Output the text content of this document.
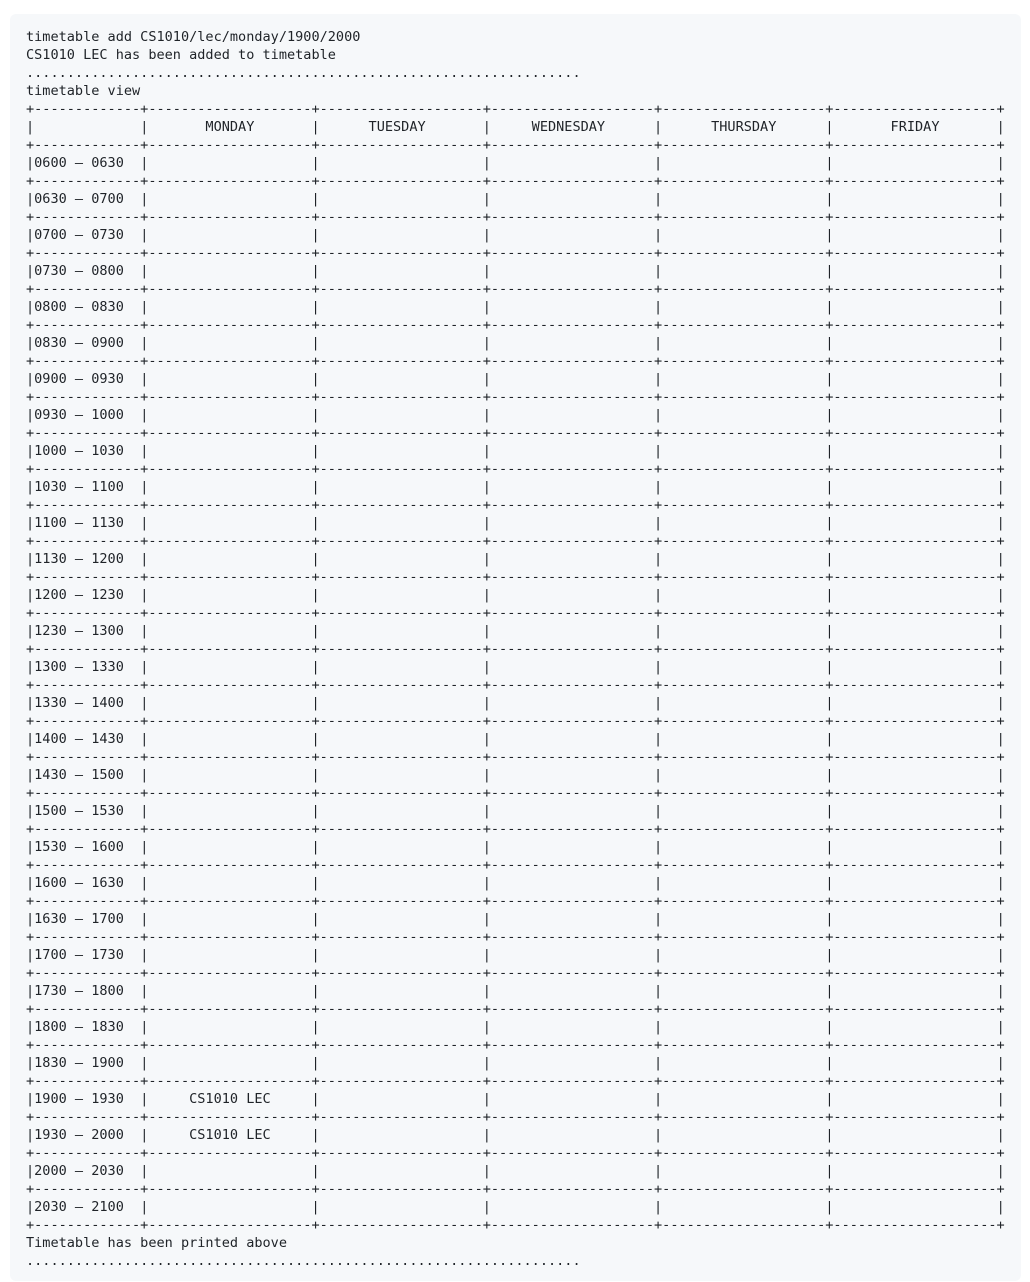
timetable add CS1010/lec/monday/1900/2000
CS1010 LEC has been added to timetable
....................................................................
timetable view
+-------------+--------------------+--------------------+--------------------+--------------------+--------------------+
|             |       MONDAY       |      TUESDAY       |     WEDNESDAY      |      THURSDAY      |       FRIDAY       |
+-------------+--------------------+--------------------+--------------------+--------------------+--------------------+
|0600 – 0630  |	|	|	|	|	|
+-------------+--------------------+--------------------+--------------------+--------------------+--------------------+
|0630 – 0700  |	|	|	|	|	|
+-------------+--------------------+--------------------+--------------------+--------------------+--------------------+
|0700 – 0730  |	|	|	|	|	|
+-------------+--------------------+--------------------+--------------------+--------------------+--------------------+
|0730 – 0800  |	|	|	|	|	|
+-------------+--------------------+--------------------+--------------------+--------------------+--------------------+
|0800 – 0830  |	|	|	|	|	|
+-------------+--------------------+--------------------+--------------------+--------------------+--------------------+
|0830 – 0900  |	|	|	|	|	|
+-------------+--------------------+--------------------+--------------------+--------------------+--------------------+
|0900 – 0930  |	|	|	|	|	|
+-------------+--------------------+--------------------+--------------------+--------------------+--------------------+
|0930 – 1000  |	|	|	|	|	|
+-------------+--------------------+--------------------+--------------------+--------------------+--------------------+
|1000 – 1030  |	|	|	|	|	|
+-------------+--------------------+--------------------+--------------------+--------------------+--------------------+
|1030 – 1100  |	|	|	|	|	|
+-------------+--------------------+--------------------+--------------------+--------------------+--------------------+
|1100 – 1130  |	|	|	|	|	|
+-------------+--------------------+--------------------+--------------------+--------------------+--------------------+
|1130 – 1200  |	|	|	|	|	|
+-------------+--------------------+--------------------+--------------------+--------------------+--------------------+
|1200 – 1230  |	|	|	|	|	|
+-------------+--------------------+--------------------+--------------------+--------------------+--------------------+
|1230 – 1300  |	|	|	|	|	|
+-------------+--------------------+--------------------+--------------------+--------------------+--------------------+
|1300 – 1330  |	|	|	|	|	|
+-------------+--------------------+--------------------+--------------------+--------------------+--------------------+
|1330 – 1400  |	|	|	|	|	|
+-------------+--------------------+--------------------+--------------------+--------------------+--------------------+
|1400 – 1430  |	|	|	|	|	|
+-------------+--------------------+--------------------+--------------------+--------------------+--------------------+
|1430 – 1500  |	|	|	|	|	|
+-------------+--------------------+--------------------+--------------------+--------------------+--------------------+
|1500 – 1530  |	|	|	|	|	|
+-------------+--------------------+--------------------+--------------------+--------------------+--------------------+
|1530 – 1600  |	|	|	|	|	|
+-------------+--------------------+--------------------+--------------------+--------------------+--------------------+
|1600 – 1630  |	|	|	|	|	|
+-------------+--------------------+--------------------+--------------------+--------------------+--------------------+
|1630 – 1700  |	|	|	|	|	|
+-------------+--------------------+--------------------+--------------------+--------------------+--------------------+
|1700 – 1730  |	|	|	|	|	|
+-------------+--------------------+--------------------+--------------------+--------------------+--------------------+
|1730 – 1800  |	|	|	|	|	|
+-------------+--------------------+--------------------+--------------------+--------------------+--------------------+
|1800 – 1830  |	|	|	|	|	|
+-------------+--------------------+--------------------+--------------------+--------------------+--------------------+
|1830 – 1900  |	|	|	|	|	|
+-------------+--------------------+--------------------+--------------------+--------------------+--------------------+
|1900 – 1930  |     CS1010 LEC     |	|	|	|	|
+-------------+--------------------+--------------------+--------------------+--------------------+--------------------+
|1930 – 2000  |     CS1010 LEC     |	|	|	|	|
+-------------+--------------------+--------------------+--------------------+--------------------+--------------------+
|2000 – 2030  |	|	|	|	|	|
+-------------+--------------------+--------------------+--------------------+--------------------+--------------------+
|2030 – 2100  |	|	|	|	|	|
+-------------+--------------------+--------------------+--------------------+--------------------+--------------------+
Timetable has been printed above
....................................................................
